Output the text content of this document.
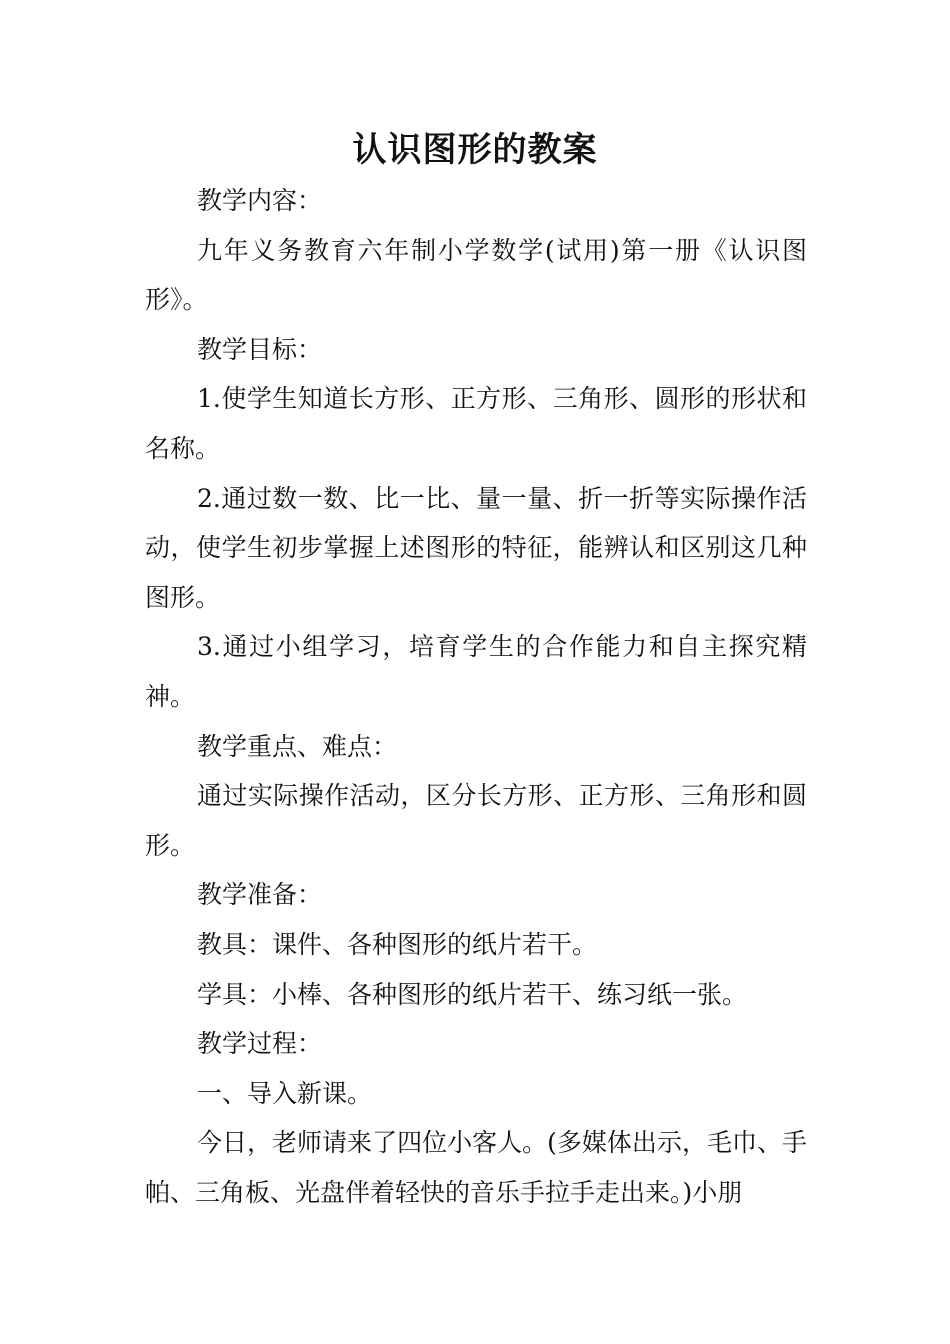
认识图形的教案

教学内容：

九年义务教育六年制小学数学(试用)第一册《认识图形》。

教学目标：

1.使学生知道长方形、正方形、三角形、圆形的形状和名称。

2.通过数一数、比一比、量一量、折一折等实际操作活动，使学生初步掌握上述图形的特征，能辨认和区别这几种图形。

3.通过小组学习，培育学生的合作能力和自主探究精神。

教学重点、难点：

通过实际操作活动，区分长方形、正方形、三角形和圆形。

教学准备：

教具：课件、各种图形的纸片若干。

学具：小棒、各种图形的纸片若干、练习纸一张。

教学过程：

一、导入新课。

今日，老师请来了四位小客人。(多媒体出示，毛巾、手帕、三角板、光盘伴着轻快的音乐手拉手走出来。)小朋
